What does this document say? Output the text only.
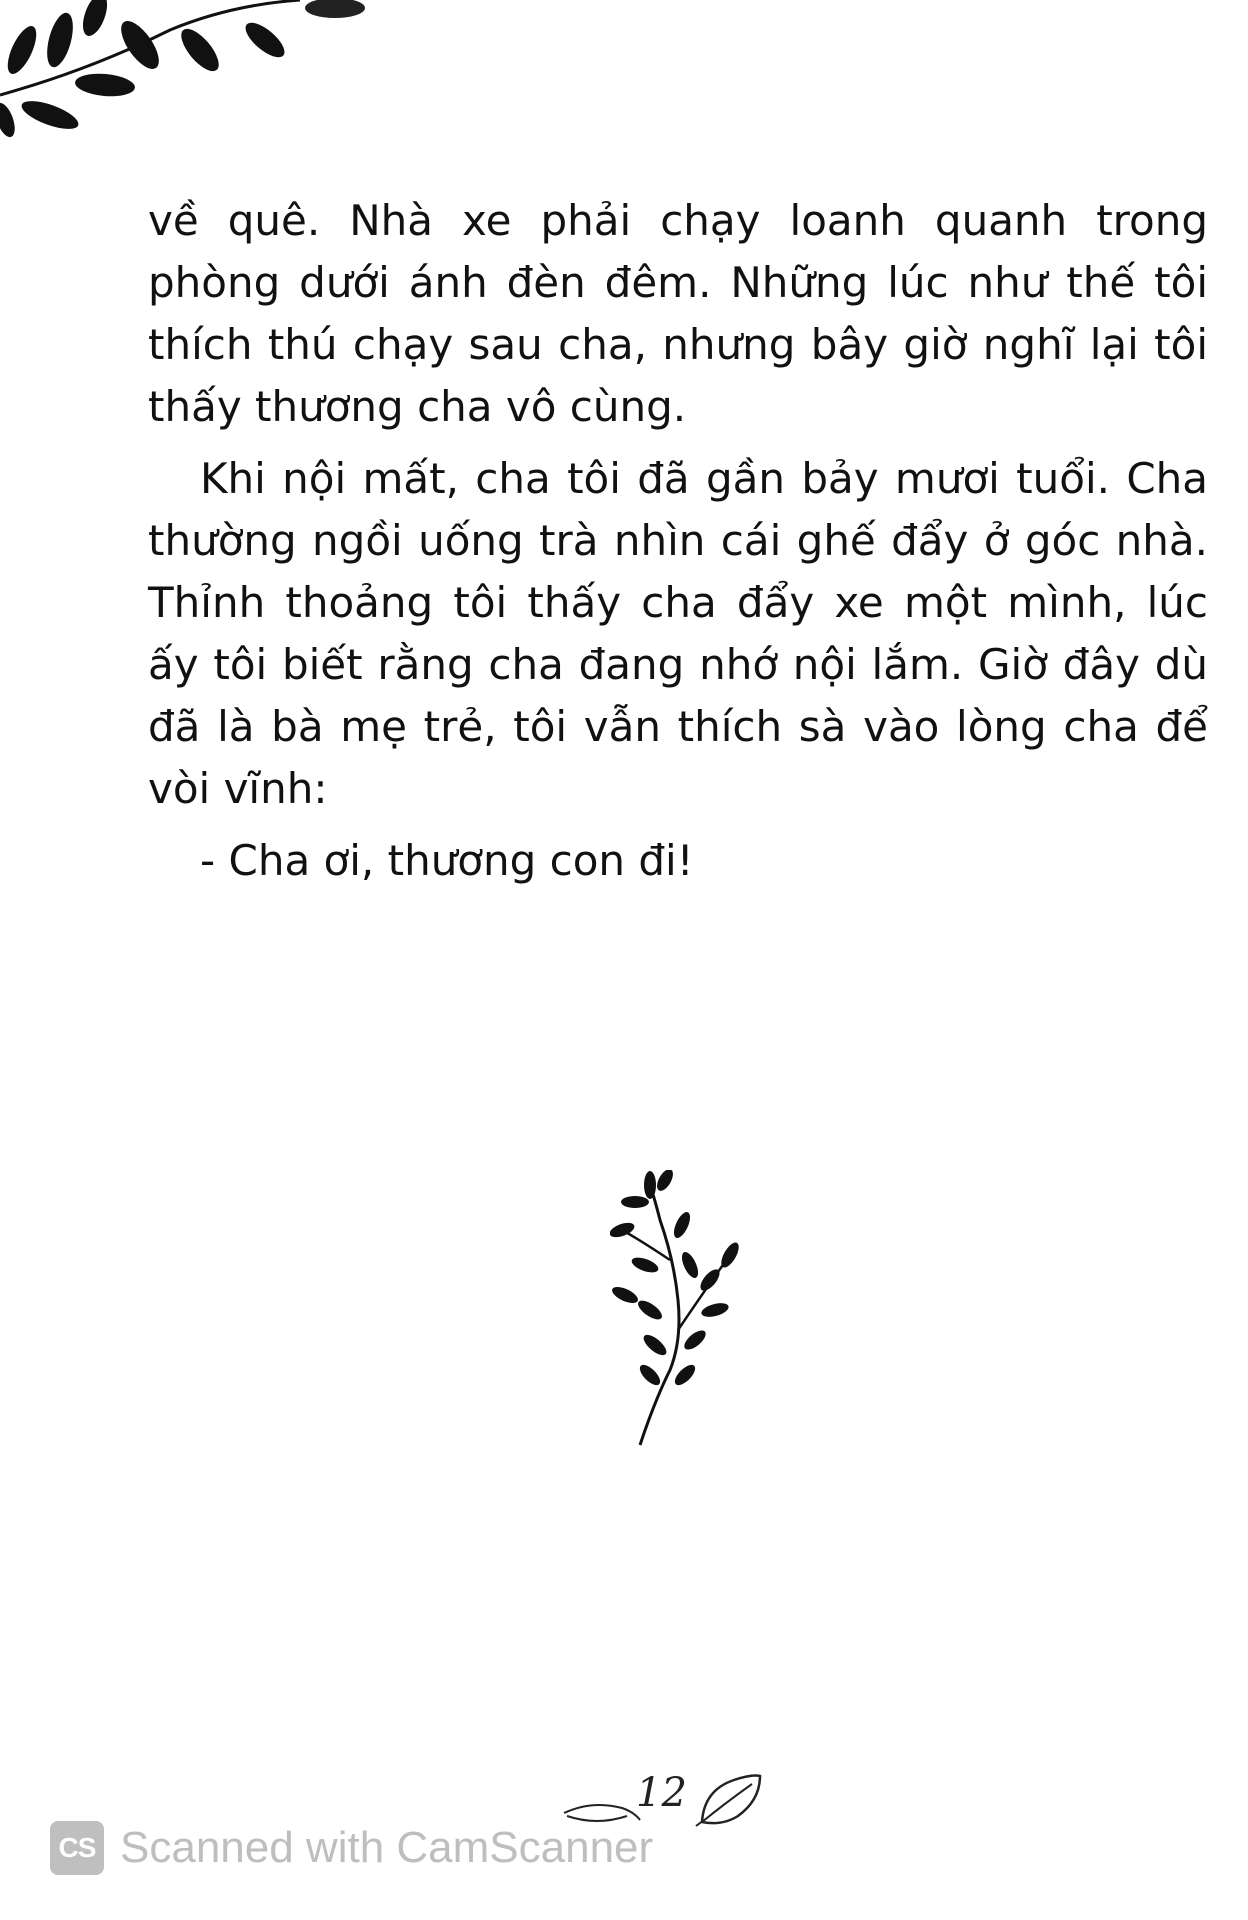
về quê. Nhà xe phải chạy loanh quanh trong phòng dưới ánh đèn đêm. Những lúc như thế tôi thích thú chạy sau cha, nhưng bây giờ nghĩ lại tôi thấy thương cha vô cùng.

Khi nội mất, cha tôi đã gần bảy mươi tuổi. Cha thường ngồi uống trà nhìn cái ghế đẩy ở góc nhà. Thỉnh thoảng tôi thấy cha đẩy xe một mình, lúc ấy tôi biết rằng cha đang nhớ nội lắm. Giờ đây dù đã là bà mẹ trẻ, tôi vẫn thích sà vào lòng cha để vòi vĩnh:

- Cha ơi, thương con đi!

12
CS Scanned with CamScanner
